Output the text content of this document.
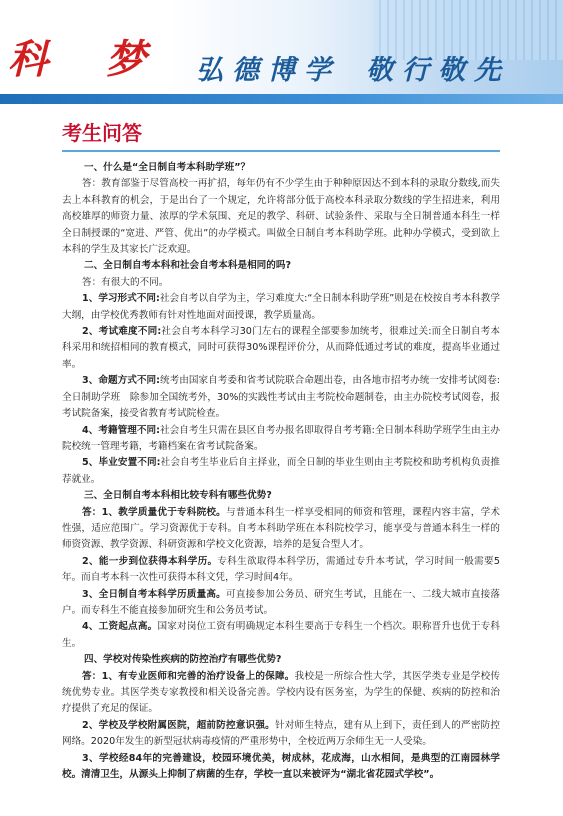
科 梦 弘德博学 敬行敬先
考生问答

一、什么是“全日制自考本科助学班”？

答：教育部鉴于尽管高校一再扩招，每年仍有不少学生由于种种原因达不到本科的录取分数线,而失去上本科教育的机会，于是出台了一个规定，允许将部分低于高校本科录取分数线的学生招进来，利用高校雄厚的师资力量、浓厚的学术氛围、充足的教学、科研、试验条件、采取与全日制普通本科生一样全日制授课的“宽进、严管、优出”的办学模式。叫做全日制自考本科助学班。此种办学模式，受到欲上本科的学生及其家长广泛欢迎。

二、全日制自考本科和社会自考本科是相同的吗?

答：有很大的不同。

1、学习形式不同:社会自考以自学为主，学习难度大:“全日制本科助学班”则是在校按自考本科教学大纲，由学校优秀教师有针对性地面对面授课，教学质量高。

2、考试难度不同:社会自考本科学习30门左右的课程全部要参加统考，很难过关:而全日制自考本科采用和统招相同的教育模式，同时可获得30%课程评价分，从而降低通过考试的难度，提高毕业通过率。

3、命题方式不同:统考由国家自考委和省考试院联合命题出卷，由各地市招考办统一安排考试阅卷:全日制助学班　除参加全国统考外，30%的实践性考试由主考院校命题制卷，由主办院校考试阅卷，报考试院备案，接受省教育考试院检查。

4、考籍管理不同:社会自考生只需在县区自考办报名即取得自考考籍:全日制本科助学班学生由主办院校统一管理考籍，考籍档案在省考试院备案。

5、毕业安置不同:社会自考生毕业后自主择业，而全日制的毕业生则由主考院校和助考机构负责推荐就业。

三、全日制自考本科相比较专科有哪些优势?

答：1、教学质量优于专科院校。与普通本科生一样享受相同的师资和管理，课程内容丰富，学术性强，适应范围广。学习资源优于专科。自考本科助学班在本科院校学习，能享受与普通本科生一样的师资资源、教学资源、科研资源和学校文化资源，培养的是复合型人才。

2、能一步到位获得本科学历。专科生欲取得本科学历，需通过专升本考试，学习时间一般需要5年。而自考本科一次性可获得本科文凭，学习时间4年。

3、全日制自考本科学历质量高。可直接参加公务员、研究生考试，且能在一、二线大城市直接落户。而专科生不能直接参加研究生和公务员考试。

4、工资起点高。国家对岗位工资有明确规定本科生要高于专科生一个档次。职称晋升也优于专科生。

四、学校对传染性疾病的防控治疗有哪些优势?

答：1、有专业医师和完善的治疗设备上的保障。我校是一所综合性大学，其医学类专业是学校传统优势专业。其医学类专家教授和相关设备完善。学校内设有医务室，为学生的保健、疾病的防控和治疗提供了充足的保证。

2、学校及学校附属医院，超前防控意识强。针对师生特点，建有从上到下，责任到人的严密防控网络。2020年发生的新型冠状病毒疫情的严重形势中，全校近两万余师生无一人受染。

3、学校经84年的完善建设，校园环境优美，树成林，花成海，山水相间，是典型的江南园林学校。清清卫生，从源头上抑制了病菌的生存，学校一直以来被评为“湖北省花园式学校”。
